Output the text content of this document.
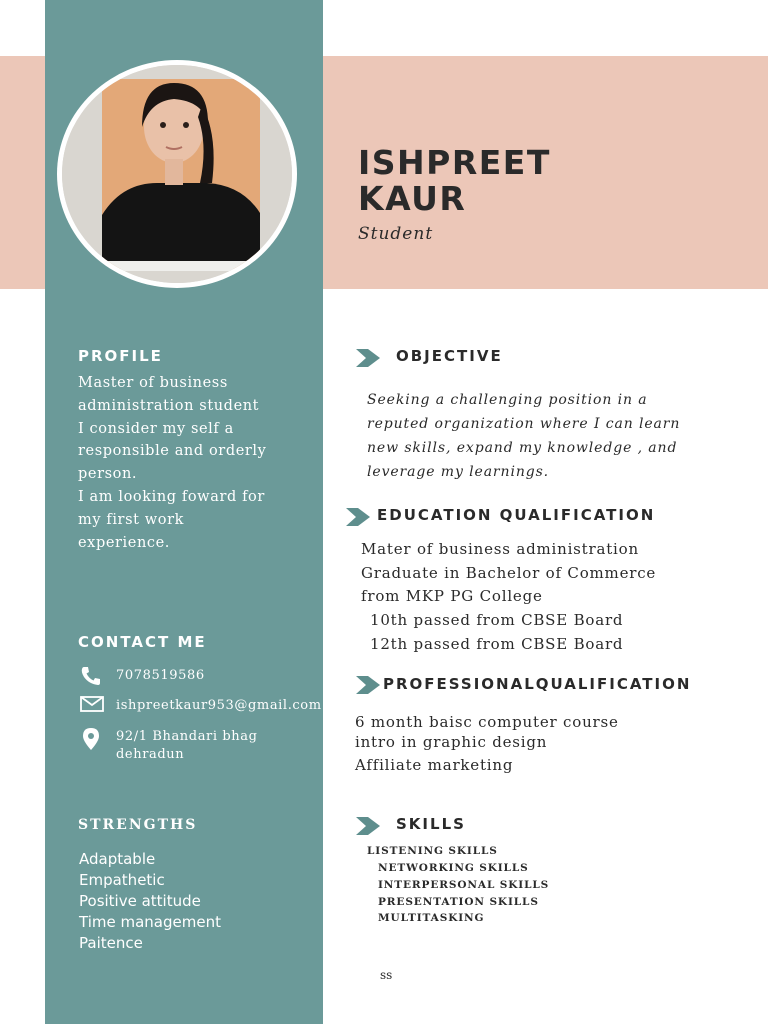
ISHPREET
KAUR
Student
PROFILE
Master of business
administration student
I consider my self a
responsible and orderly
person.
I am looking foward for
my first work
experience.
CONTACT ME
7078519586
ishpreetkaur953@gmail.com
92/1 Bhandari bhag
dehradun
STRENGTHS
Adaptable
Empathetic
Positive attitude
Time management
Paitence
OBJECTIVE
Seeking a challenging position in a
reputed organization where I can learn
new skills, expand my knowledge , and
leverage my learnings.
EDUCATION QUALIFICATION
Mater of business administration
Graduate in Bachelor of Commerce
from MKP PG College
10th passed from CBSE Board
12th passed from CBSE Board
PROFESSIONALQUALIFICATION
6 month baisc computer course
intro in graphic design
Affiliate marketing
SKILLS
LISTENING SKILLS
NETWORKING SKILLS
INTERPERSONAL SKILLS
PRESENTATION SKILLS
MULTITASKING
ss
